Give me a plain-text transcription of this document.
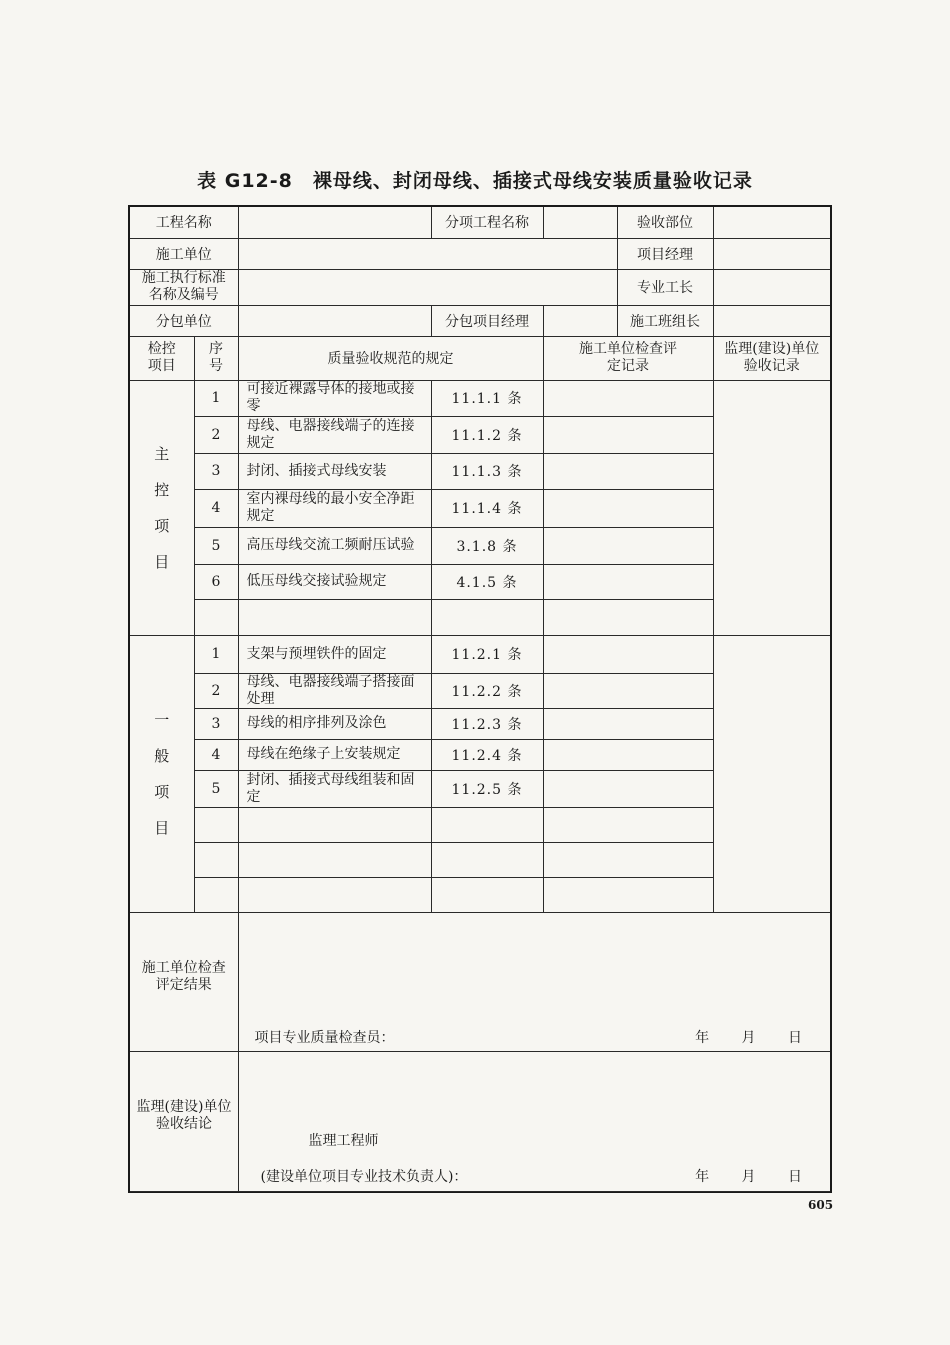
表 G12-8　裸母线、封闭母线、插接式母线安装质量验收记录
工程名称			分项工程名称		验收部位	
施工单位					项目经理	

施工执行标准名称及编号					专业工长	
分包单位			分包项目经理		施工班组长	

检控项目	序号	质量验收规范的规定		施工单位检查评定记录		监理(建设)单位验收记录

主
控
项
目	1	可接近裸露导体的接地或接零	11.1.1 条			
	2	母线、电器接线端子的连接规定	11.1.2 条			
	3	封闭、插接式母线安装	11.1.3 条			
	4	室内裸母线的最小安全净距规定	11.1.4 条			
	5	高压母线交流工频耐压试验	3.1.8 条			
	6	低压母线交接试验规定	4.1.5 条			

一
般
项
目	1	支架与预埋铁件的固定	11.2.1 条			
	2	母线、电器接线端子搭接面处理	11.2.2 条			
	3	母线的相序排列及涂色	11.2.3 条			
	4	母线在绝缘子上安装规定	11.2.4 条			
	5	封闭、插接式母线组装和固定	11.2.5 条			

施工单位检查评定结果		项目专业质量检查员： 年 月 日				

监理(建设)单位验收结论		监理工程师
(建设单位项目专业技术负责人)： 年 月 日				
605
